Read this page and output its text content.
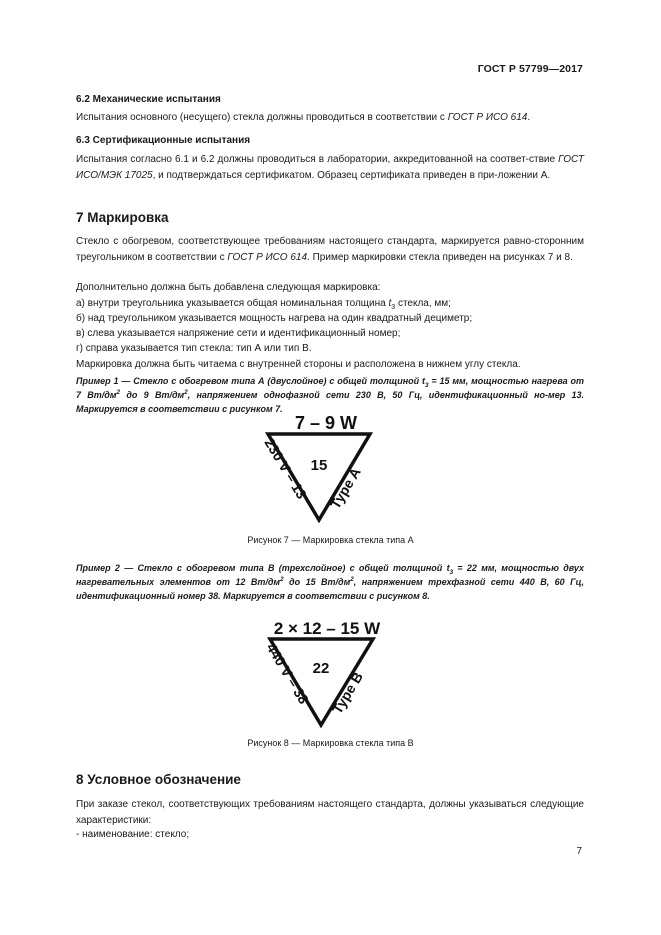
ГОСТ Р 57799—2017
6.2 Механические испытания
Испытания основного (несущего) стекла должны проводиться в соответствии с ГОСТ Р ИСО 614.
6.3 Сертификационные испытания
Испытания согласно 6.1 и 6.2 должны проводиться в лаборатории, аккредитованной на соответ-ствие ГОСТ ИСО/МЭК 17025, и подтверждаться сертификатом. Образец сертификата приведен в при-ложении А.
7 Маркировка
Стекло с обогревом, соответствующее требованиям настоящего стандарта, маркируется равно-сторонним треугольником в соответствии с ГОСТ Р ИСО 614. Пример маркировки стекла приведен на рисунках 7 и 8.
Дополнительно должна быть добавлена следующая маркировка:
а) внутри треугольника указывается общая номинальная толщина $t_3$ стекла, мм;
б) над треугольником указывается мощность нагрева на один квадратный дециметр;
в) слева указывается напряжение сети и идентификационный номер;
г) справа указывается тип стекла: тип А или тип В.
Маркировка должна быть читаема с внутренней стороны и расположена в нижнем углу стекла.
Пример 1 — Стекло с обогревом типа А (двуслойное) с общей толщиной $t_3 = 15$ мм, мощностью нагрева от 7 $Вт/дм^2$ до 9 $Вт/дм^2$, напряжением однофазной сети 230 В, 50 Гц, идентификационный но-мер 13. Маркируется в соответствии с рисунком 7.
7 – 9 W
15
230 V – 13 Type A
Рисунок 7 — Маркировка стекла типа А
Пример 2 — Стекло с обогревом типа В (трехслойное) с общей толщиной $t_3 = 22$ мм, мощностью двух нагревательных элементов от 12 $Вт/дм^2$ до 15 $Вт/дм^2$, напряжением трехфазной сети 440 В, 60 Гц, идентификационный номер 38. Маркируется в соответствии с рисунком 8.
2 × 12 – 15 W
22
440 V – 38 Type B
Рисунок 8 — Маркировка стекла типа В
8 Условное обозначение
При заказе стекол, соответствующих требованиям настоящего стандарта, должны указываться следующие характеристики:
- наименование: стекло;
7
